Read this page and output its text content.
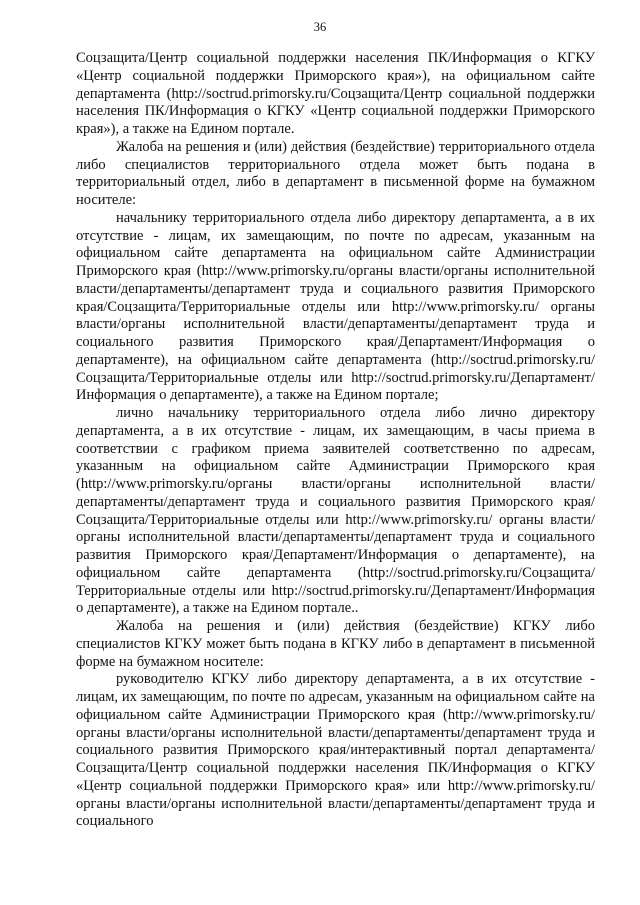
36

Соцзащита/Центр социальной поддержки населения ПК/Информация о КГКУ «Центр социальной поддержки Приморского края»), на официальном сайте департамента (http://soctrud.primorsky.ru/Соцзащита/Центр социальной поддержки населения ПК/Информация о КГКУ «Центр социальной поддержки Приморского края»), а также на Едином портале.

Жалоба на решения и (или) действия (бездействие) территориального отдела либо специалистов территориального отдела может быть подана в территориальный отдел, либо в департамент в письменной форме на бумажном носителе:

начальнику территориального отдела либо директору департамента, а в их отсутствие - лицам, их замещающим, по почте по адресам, указанным на официальном сайте департамента на официальном сайте Администрации Приморского края (http://www.primorsky.ru/органы власти/органы исполнительной власти/департаменты/департамент труда и социального развития Приморского края/Соцзащита/Территориальные отделы или http://www.primorsky.ru/ органы власти/органы исполнительной власти/департаменты/департамент труда и социального развития Приморского края/Департамент/Информация о департаменте), на официальном сайте департамента (http://soctrud.primorsky.ru/Соцзащита/Территориальные отделы или http://soctrud.primorsky.ru/Департамент/Информация о департаменте), а также на Едином портале;

лично начальнику территориального отдела либо лично директору департамента, а в их отсутствие - лицам, их замещающим, в часы приема в соответствии с графиком приема заявителей соответственно по адресам, указанным на официальном сайте Администрации Приморского края (http://www.primorsky.ru/органы власти/органы исполнительной власти/департаменты/департамент труда и социального развития Приморского края/Соцзащита/Территориальные отделы или http://www.primorsky.ru/ органы власти/органы исполнительной власти/департаменты/департамент труда и социального развития Приморского края/Департамент/Информация о департаменте), на официальном сайте департамента (http://soctrud.primorsky.ru/Соцзащита/Территориальные отделы или http://soctrud.primorsky.ru/Департамент/Информация о департаменте), а также на Едином портале..

Жалоба на решения и (или) действия (бездействие) КГКУ либо специалистов КГКУ может быть подана в КГКУ либо в департамент в письменной форме на бумажном носителе:

руководителю КГКУ либо директору департамента, а в их отсутствие - лицам, их замещающим, по почте по адресам, указанным на официальном сайте на официальном сайте Администрации Приморского края (http://www.primorsky.ru/органы власти/органы исполнительной власти/департаменты/департамент труда и социального развития Приморского края/интерактивный портал департамента/Соцзащита/Центр социальной поддержки населения ПК/Информация о КГКУ «Центр социальной поддержки Приморского края» или http://www.primorsky.ru/органы власти/органы исполнительной власти/департаменты/департамент труда и социального
